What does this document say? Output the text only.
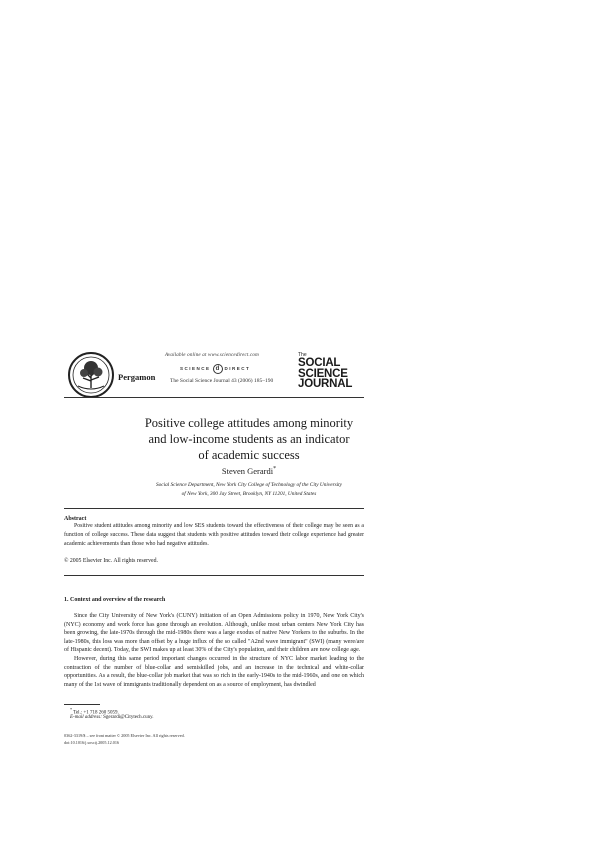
Pergamon
Available online at www.sciencedirect.com
SCIENCE d DIRECT
The Social Science Journal 43 (2006) 185–190
The
SOCIAL
SCIENCE
JOURNAL
Positive college attitudes among minority
and low-income students as an indicator
of academic success
Steven Gerardi*
Social Science Department, New York City College of Technology of the City University
of New York, 300 Jay Street, Brooklyn, NY 11201, United States
Abstract
Positive student attitudes among minority and low SES students toward the effectiveness of their college may be seen as a function of college success. These data suggest that students with positive attitudes toward their college experience had greater academic achievements than those who had negative attitudes.
© 2005 Elsevier Inc. All rights reserved.
1. Context and overview of the research
Since the City University of New York's (CUNY) initiation of an Open Admissions policy in 1970, New York City's (NYC) economy and work force has gone through an evolution. Although, unlike most urban centers New York City has been growing, the late-1970s through the mid-1980s there was a large exodus of native New Yorkers to the suburbs. In the late-1980s, this loss was more than offset by a huge influx of the so called "A2nd wave immigrant" (SWI) (many were/are of Hispanic decent). Today, the SWI makes up at least 30% of the City's population, and their children are now college age.
However, during this same period important changes occurred in the structure of NYC labor market leading to the contraction of the number of blue-collar and semiskilled jobs, and an increase in the technical and white-collar opportunities. As a result, the blue-collar job market that was so rich in the early-1940s to the mid-1960s, and one on which many of the 1st wave of immigrants traditionally dependent on as a source of employment, has dwindled
* Tel.: +1 718 260 5059.
E-mail address: Sgerardi@Citytech.cuny.
0362-3319/$ – see front matter © 2005 Elsevier Inc. All rights reserved.
doi:10.1016/j.soscij.2005.12.016
